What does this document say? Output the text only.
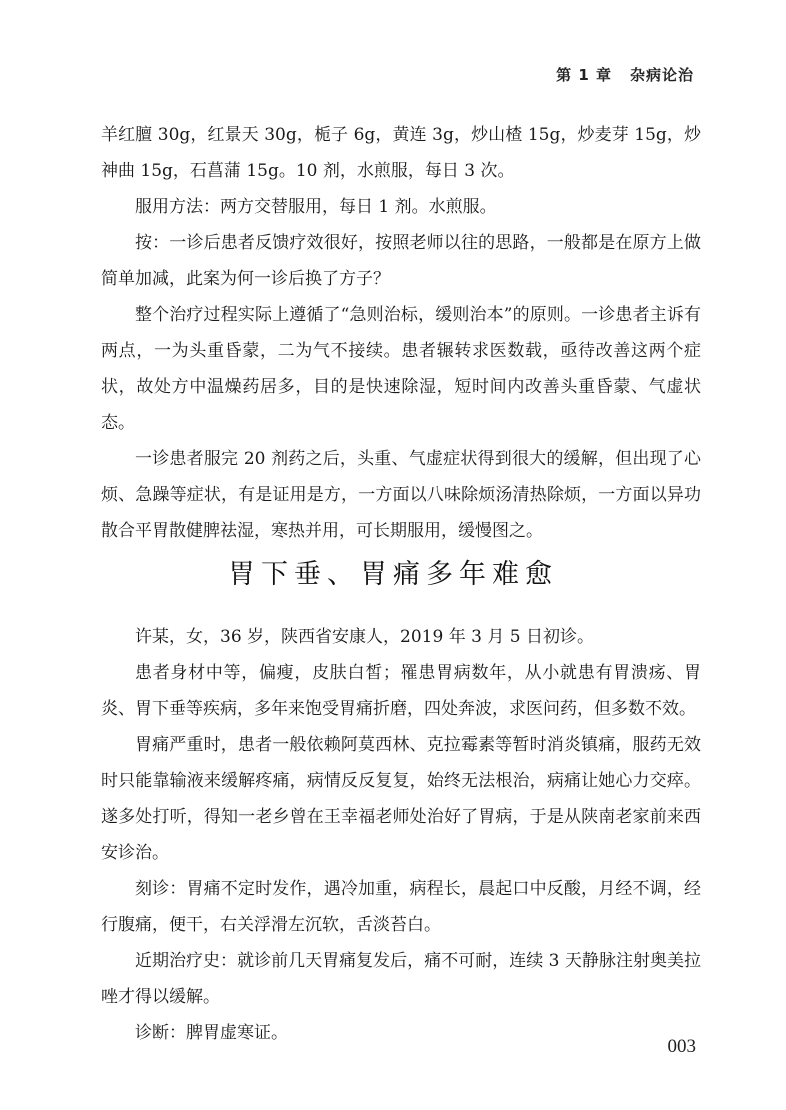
第 1 章 杂病论治

羊红膻 30g，红景天 30g，栀子 6g，黄连 3g，炒山楂 15g，炒麦芽 15g，炒神曲 15g，石菖蒲 15g。10 剂，水煎服，每日 3 次。

服用方法：两方交替服用，每日 1 剂。水煎服。

按：一诊后患者反馈疗效很好，按照老师以往的思路，一般都是在原方上做简单加减，此案为何一诊后换了方子？

整个治疗过程实际上遵循了“急则治标，缓则治本”的原则。一诊患者主诉有两点，一为头重昏蒙，二为气不接续。患者辗转求医数载，亟待改善这两个症状，故处方中温燥药居多，目的是快速除湿，短时间内改善头重昏蒙、气虚状态。

一诊患者服完 20 剂药之后，头重、气虚症状得到很大的缓解，但出现了心烦、急躁等症状，有是证用是方，一方面以八味除烦汤清热除烦，一方面以异功散合平胃散健脾祛湿，寒热并用，可长期服用，缓慢图之。

胃下垂、胃痛多年难愈

许某，女，36 岁，陕西省安康人，2019 年 3 月 5 日初诊。

患者身材中等，偏瘦，皮肤白皙；罹患胃病数年，从小就患有胃溃疡、胃炎、胃下垂等疾病，多年来饱受胃痛折磨，四处奔波，求医问药，但多数不效。

胃痛严重时，患者一般依赖阿莫西林、克拉霉素等暂时消炎镇痛，服药无效时只能靠输液来缓解疼痛，病情反反复复，始终无法根治，病痛让她心力交瘁。遂多处打听，得知一老乡曾在王幸福老师处治好了胃病，于是从陕南老家前来西安诊治。

刻诊：胃痛不定时发作，遇冷加重，病程长，晨起口中反酸，月经不调，经行腹痛，便干，右关浮滑左沉软，舌淡苔白。

近期治疗史：就诊前几天胃痛复发后，痛不可耐，连续 3 天静脉注射奥美拉唑才得以缓解。

诊断：脾胃虚寒证。

003
